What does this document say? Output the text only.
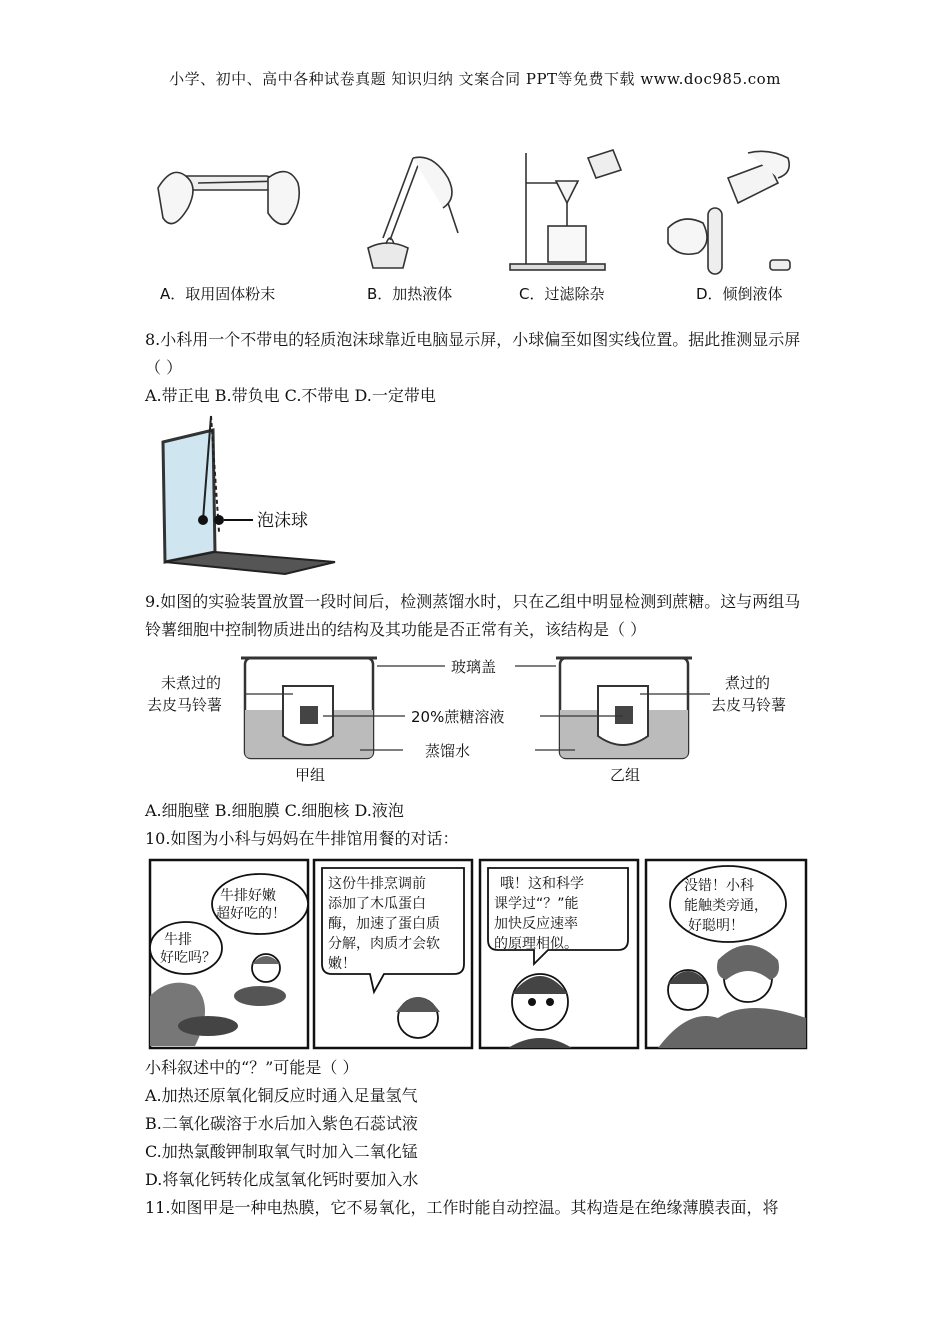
小学、初中、高中各种试卷真题 知识归纳 文案合同 PPT等免费下载 www.doc985.com
A．取用固体粉末	B．加热液体	C．过滤除杂	D．倾倒液体
8.小科用一个不带电的轻质泡沫球靠近电脑显示屏，小球偏至如图实线位置。据此推测显示屏（ ）
A.带正电 B.带负电 C.不带电 D.一定带电
泡沫球
9.如图的实验装置放置一段时间后，检测蒸馏水时，只在乙组中明显检测到蔗糖。这与两组马铃薯细胞中控制物质进出的结构及其功能是否正常有关，该结构是（ ）
玻璃盖
20%蔗糖溶液
蒸馏水
未煮过的
去皮马铃薯
煮过的
去皮马铃薯
甲组	乙组
A.细胞壁 B.细胞膜 C.细胞核 D.液泡
10.如图为小科与妈妈在牛排馆用餐的对话：
牛排好嫩
超好吃的！
牛排
好吃吗？
这份牛排烹调前
添加了木瓜蛋白
酶，加速了蛋白质
分解，肉质才会软
嫩！
哦！这和科学
课学过“？”能
加快反应速率
的原理相似。
没错！小科
能触类旁通，
好聪明！
小科叙述中的“？”可能是（ ）
A.加热还原氧化铜反应时通入足量氢气
B.二氧化碳溶于水后加入紫色石蕊试液
C.加热氯酸钾制取氧气时加入二氧化锰
D.将氧化钙转化成氢氧化钙时要加入水
11.如图甲是一种电热膜，它不易氧化，工作时能自动控温。其构造是在绝缘薄膜表面，将
